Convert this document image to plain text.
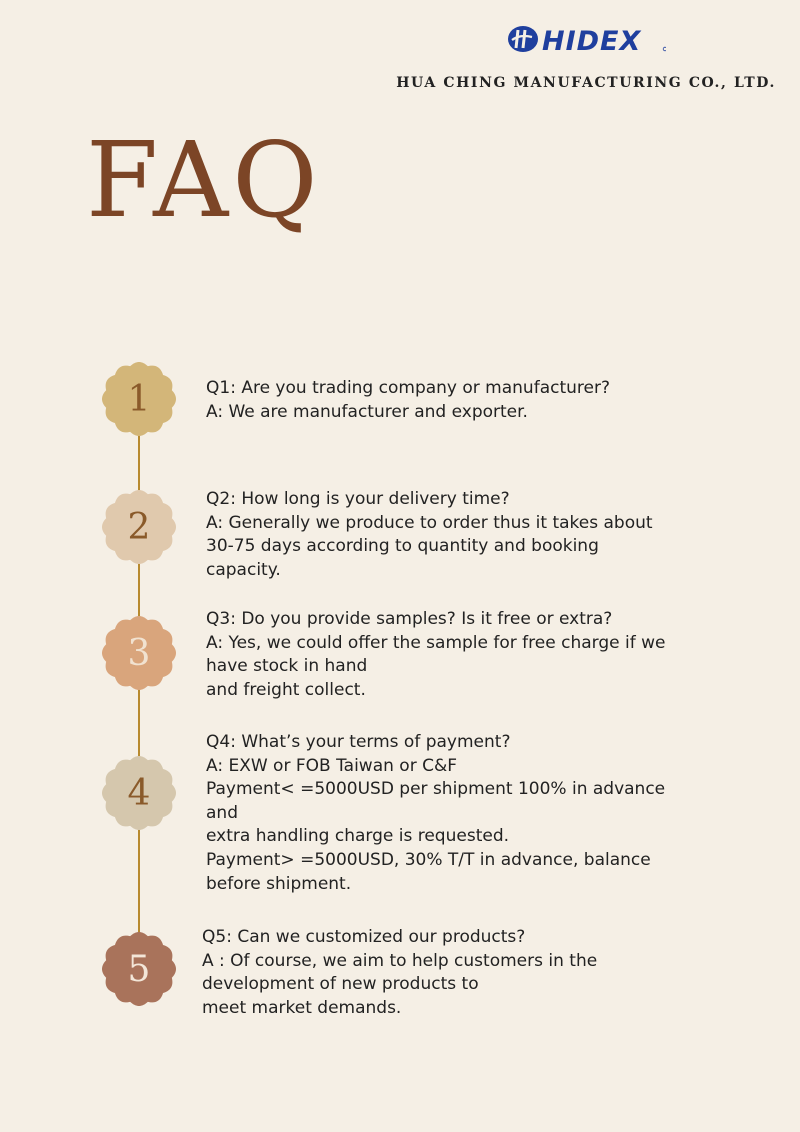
HIDEX
HUA CHING MANUFACTURING CO., LTD.
FAQ
1
2
3
4
5
Q1: Are you trading company or manufacturer?
A: We are manufacturer and exporter.
Q2: How long is your delivery time?
A: Generally we produce to order thus it takes about
30-75 days according to quantity and booking
capacity.
Q3: Do you provide samples? Is it free or extra?
A: Yes, we could offer the sample for free charge if we
have stock in hand
and freight collect.
Q4: What’s your terms of payment?
A: EXW or FOB Taiwan or C&F
Payment< =5000USD per shipment 100% in advance
and
extra handling charge is requested.
Payment> =5000USD, 30% T/T in advance, balance
before shipment.
Q5: Can we customized our products?
A : Of course, we aim to help customers in the
development of new products to
meet market demands.
